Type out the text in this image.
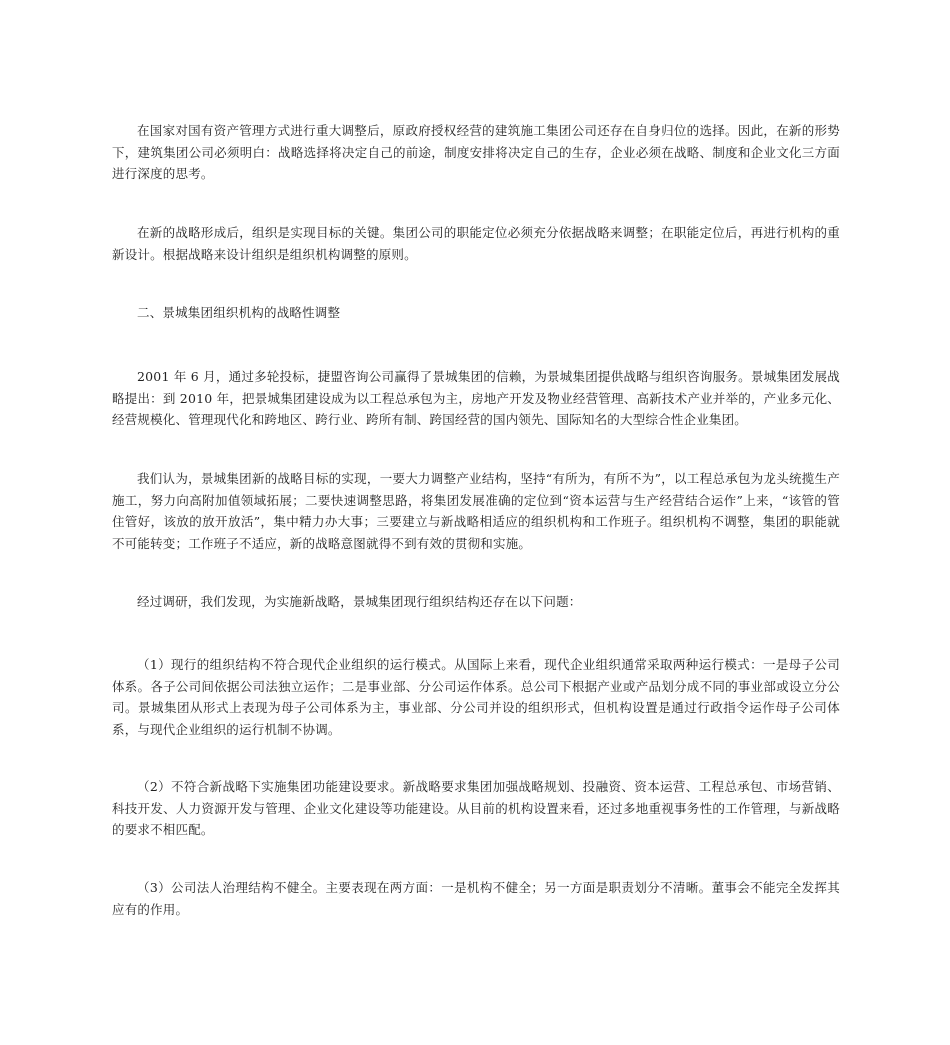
在国家对国有资产管理方式进行重大调整后，原政府授权经营的建筑施工集团公司还存在自身归位的选择。因此，在新的形势下，建筑集团公司必须明白：战略选择将决定自己的前途，制度安排将决定自己的生存，企业必须在战略、制度和企业文化三方面进行深度的思考。

在新的战略形成后，组织是实现目标的关键。集团公司的职能定位必须充分依据战略来调整；在职能定位后，再进行机构的重新设计。根据战略来设计组织是组织机构调整的原则。

二、景城集团组织机构的战略性调整

2001 年 6 月，通过多轮投标，捷盟咨询公司赢得了景城集团的信赖，为景城集团提供战略与组织咨询服务。景城集团发展战略提出：到 2010 年，把景城集团建设成为以工程总承包为主，房地产开发及物业经营管理、高新技术产业并举的，产业多元化、经营规模化、管理现代化和跨地区、跨行业、跨所有制、跨国经营的国内领先、国际知名的大型综合性企业集团。

我们认为，景城集团新的战略目标的实现，一要大力调整产业结构，坚持“有所为，有所不为”，以工程总承包为龙头统揽生产施工，努力向高附加值领域拓展；二要快速调整思路，将集团发展准确的定位到“资本运营与生产经营结合运作”上来，“该管的管住管好，该放的放开放活”，集中精力办大事；三要建立与新战略相适应的组织机构和工作班子。组织机构不调整，集团的职能就不可能转变；工作班子不适应，新的战略意图就得不到有效的贯彻和实施。

经过调研，我们发现，为实施新战略，景城集团现行组织结构还存在以下问题：

（1）现行的组织结构不符合现代企业组织的运行模式。从国际上来看，现代企业组织通常采取两种运行模式：一是母子公司体系。各子公司间依据公司法独立运作；二是事业部、分公司运作体系。总公司下根据产业或产品划分成不同的事业部或设立分公司。景城集团从形式上表现为母子公司体系为主，事业部、分公司并设的组织形式，但机构设置是通过行政指令运作母子公司体系，与现代企业组织的运行机制不协调。

（2）不符合新战略下实施集团功能建设要求。新战略要求集团加强战略规划、投融资、资本运营、工程总承包、市场营销、科技开发、人力资源开发与管理、企业文化建设等功能建设。从目前的机构设置来看，还过多地重视事务性的工作管理，与新战略的要求不相匹配。

（3）公司法人治理结构不健全。主要表现在两方面：一是机构不健全；另一方面是职责划分不清晰。董事会不能完全发挥其应有的作用。
